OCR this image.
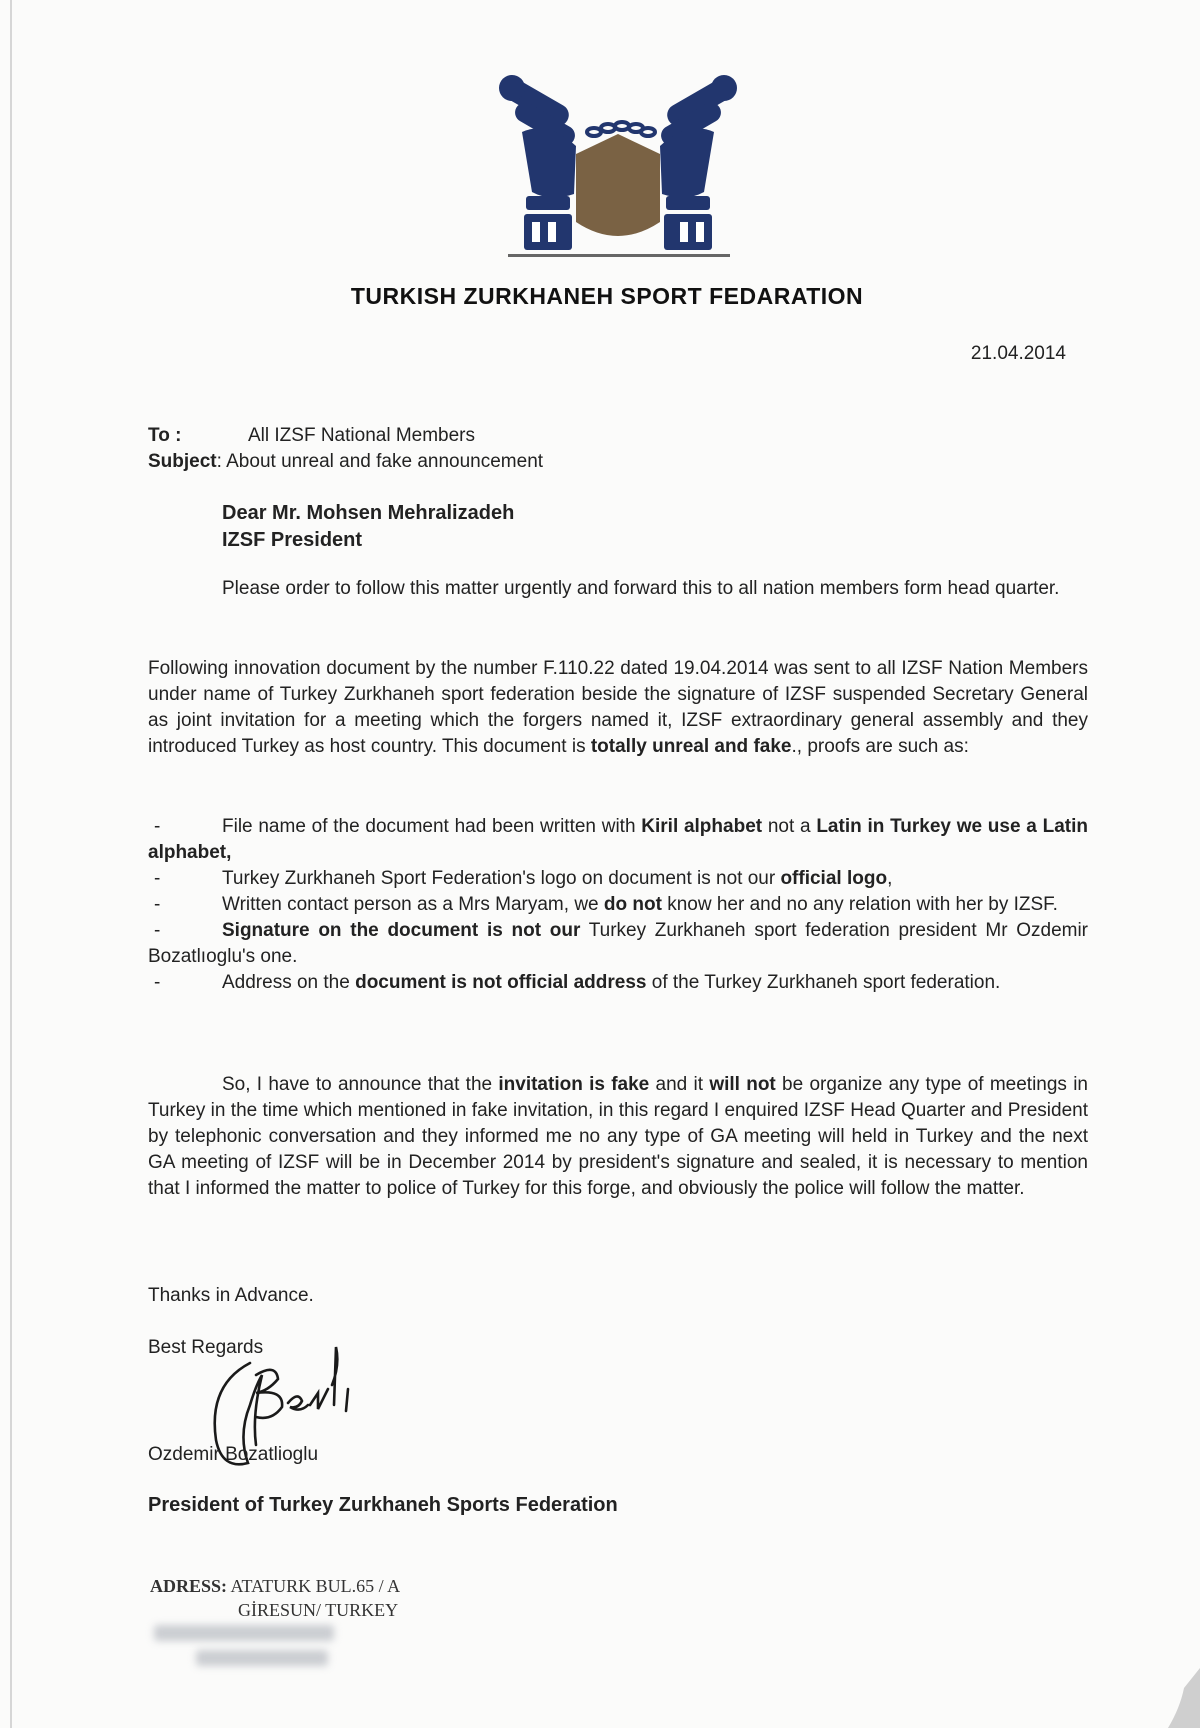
TURKISH ZURKHANEH SPORT FEDARATION
21.04.2014
To :	All IZSF National Members
Subject: About unreal and fake announcement
Dear Mr. Mohsen Mehralizadeh
IZSF President
Please order to follow this matter urgently and forward this to all nation members form head quarter.
Following innovation document by the number F.110.22 dated 19.04.2014 was sent to all IZSF Nation Members under name of Turkey Zurkhaneh sport federation beside the signature of IZSF suspended Secretary General as joint invitation for a meeting which the forgers named it, IZSF extraordinary general assembly and they introduced Turkey as host country. This document is totally unreal and fake., proofs are such as:
-	File name of the document had been written with Kiril alphabet not a Latin in Turkey we use a Latin alphabet,
-	Turkey Zurkhaneh Sport Federation's logo on document is not our official logo,
-	Written contact person as a Mrs Maryam, we do not know her and no any relation with her by IZSF.
-	Signature on the document is not our Turkey Zurkhaneh sport federation president Mr Ozdemir Bozatlıoglu's one.
-	Address on the document is not official address of the Turkey Zurkhaneh sport federation.
So, I have to announce that the invitation is fake and it will not be organize any type of meetings in Turkey in the time which mentioned in fake invitation, in this regard I enquired IZSF Head Quarter and President by telephonic conversation and they informed me no any type of GA meeting will held in Turkey and the next GA meeting of IZSF will be in December 2014 by president's signature and sealed, it is necessary to mention that I informed the matter to police of Turkey for this forge, and obviously the police will follow the matter.
Thanks in Advance.
Best Regards
Ozdemir Bozatlioglu
President of Turkey Zurkhaneh Sports Federation
ADRESS: ATATURK BUL.65 / A
GİRESUN/ TURKEY
